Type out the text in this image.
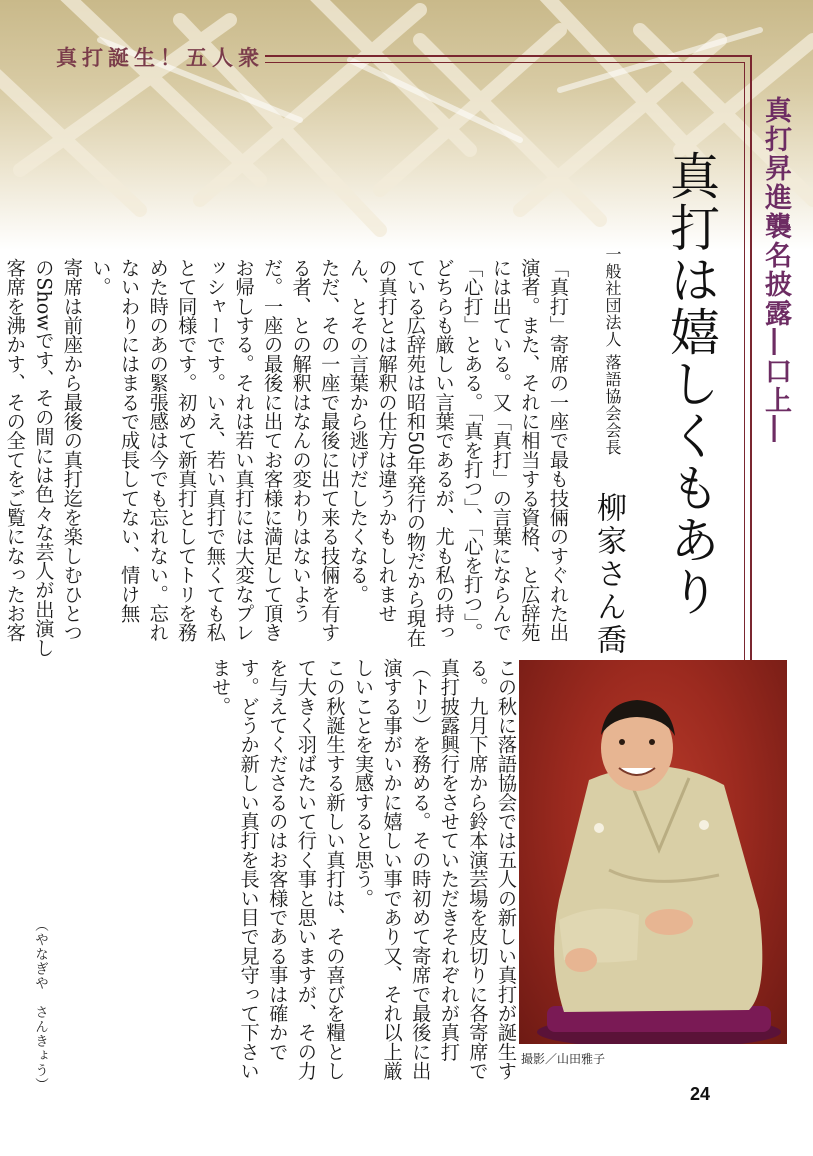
真打誕生！五人衆
真打昇進襲名披露―口上―
真打は嬉しくもあり
一般社団法人 落語協会会長
柳家さん喬

「真打」寄席の一座で最も技倆のすぐれた出演者。また、それに相当する資格、と広辞苑には出ている。又「真打」の言葉にならんで「心打」とある。「真を打つ」、「心を打つ」。どちらも厳しい言葉であるが、尤も私の持っている広辞苑は昭和50年発行の物だから現在の真打とは解釈の仕方は違うかもしれません、とその言葉から逃げだしたくなる。

ただ、その一座で最後に出て来る技倆を有する者、との解釈はなんの変わりはないようだ。一座の最後に出てお客様に満足して頂きお帰しする。それは若い真打には大変なプレッシャーです。いえ、若い真打で無くても私とて同様です。初めて新真打としてトリを務めた時のあの緊張感は今でも忘れない。忘れないわりにはまるで成長してない、情け無い。

寄席は前座から最後の真打迄を楽しむひとつのShowです、その間には色々な芸人が出演し客席を沸かす、その全てをご覧になったお客

この秋に落語協会では五人の新しい真打が誕生する。九月下席から鈴本演芸場を皮切りに各寄席で真打披露興行をさせていただきそれぞれが真打（トリ）を務める。その時初めて寄席で最後に出演する事がいかに嬉しい事であり又、それ以上厳しいことを実感すると思う。

この秋誕生する新しい真打は、その喜びを糧として大きく羽ばたいて行く事と思いますが、その力を与えてくださるのはお客様である事は確かです。どうか新しい真打を長い目で見守って下さいませ。

（やなぎや　さんきょう）	撮影／山田雅子
24
